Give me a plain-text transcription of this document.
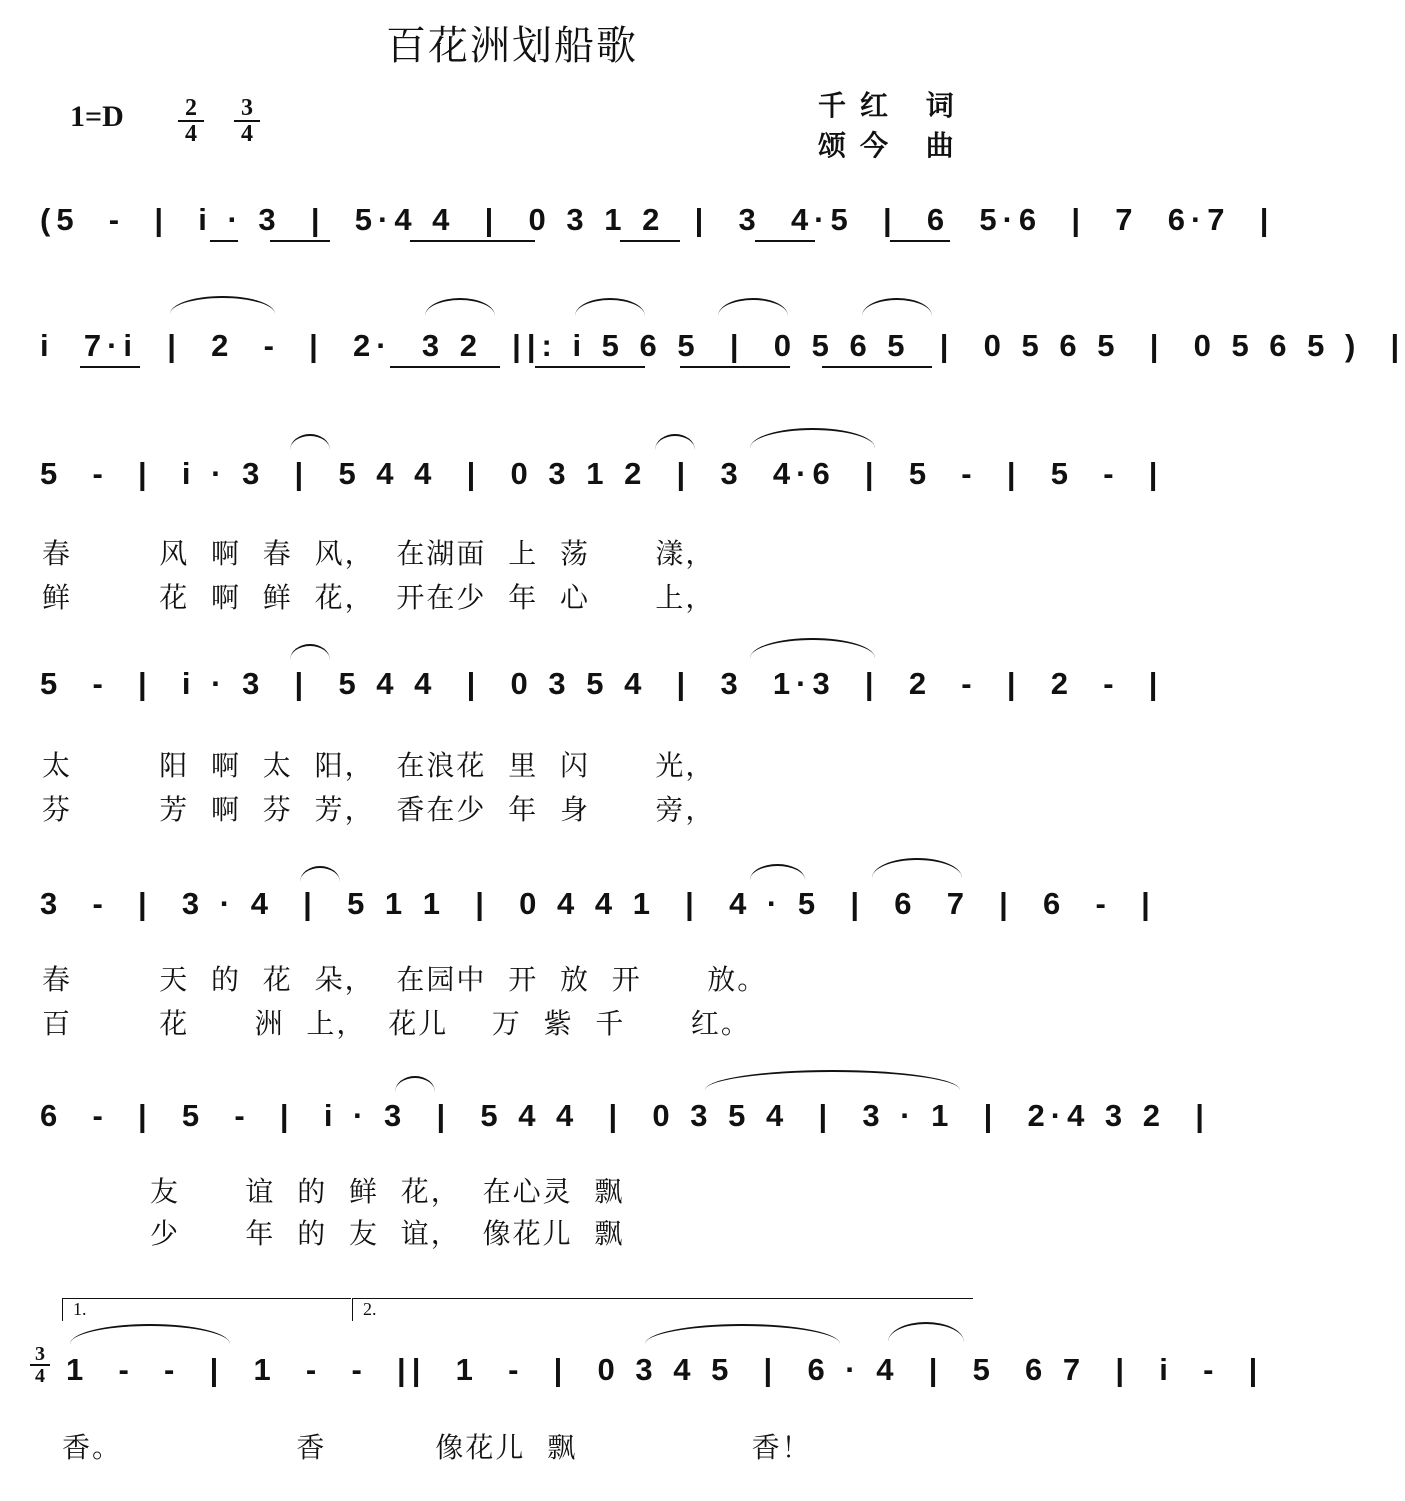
百花洲划船歌
1=D	2
4
3
4
千红 词
颂今 曲
(5  -  |  i · 3  |  5·4 4  |  0 3 1 2  |  3  4·5  |  6  5·6  |  7  6·7  |
i  7·i  |  2  -  |  2·  3 2  ||: i 5 6 5  |  0 5 6 5  |  0 5 6 5  |  0 5 6 5 )  |
5  -  |  i · 3  |  5 4 4  |  0 3 1 2  |  3  4·6  |  5  -  |  5  -  |
春        风  啊  春  风，  在湖面  上  荡      漾，
鲜        花  啊  鲜  花，  开在少  年  心      上，
5  -  |  i · 3  |  5 4 4  |  0 3 5 4  |  3  1·3  |  2  -  |  2  -  |
太        阳  啊  太  阳，  在浪花  里  闪      光，
芬        芳  啊  芬  芳，  香在少  年  身      旁，
3  -  |  3 · 4  |  5 1 1  |  0 4 4 1  |  4 · 5  |  6  7  |  6  -  |
春        天  的  花  朵，  在园中  开  放  开      放。
百        花      洲  上，  花儿    万  紫  千      红。
6  -  |  5  -  |  i · 3  |  5 4 4  |  0 3 5 4  |  3 · 1  |  2·4 3 2  |
友      谊  的  鲜  花，  在心灵  飘
少      年  的  友  谊，  像花儿  飘
1.	2.
3
4 1  -  -  |  1  -  -  ||  1  -  |  0 3 4 5  |  6 · 4  |  5  6 7  |  i  -  |
香。                香          像花儿  飘                香！
